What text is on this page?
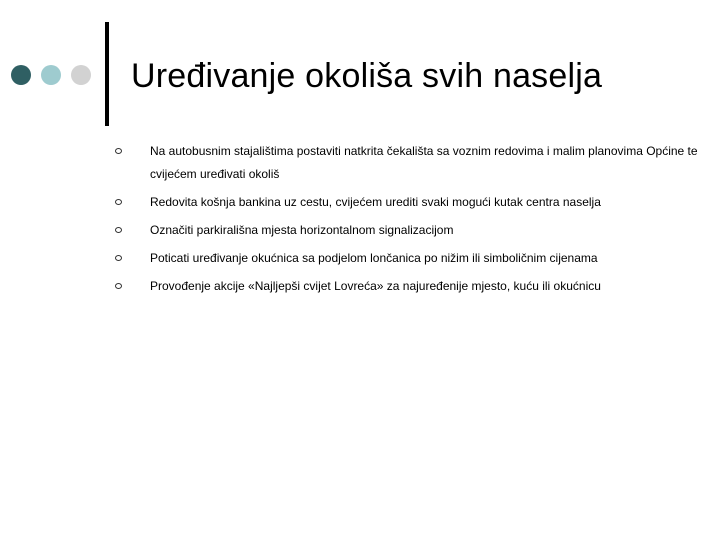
Uređivanje okoliša svih naselja
Na autobusnim stajalištima postaviti natkrita čekališta sa voznim redovima i malim planovima Općine te cvijećem uređivati okoliš
Redovita košnja bankina uz cestu, cvijećem urediti svaki mogući kutak centra naselja
Označiti parkirališna mjesta horizontalnom signalizacijom
Poticati uređivanje okućnica sa podjelom lončanica po nižim ili simboličnim cijenama
Provođenje akcije «Najljepši cvijet Lovreća» za najuređenije mjesto, kuću ili okućnicu
